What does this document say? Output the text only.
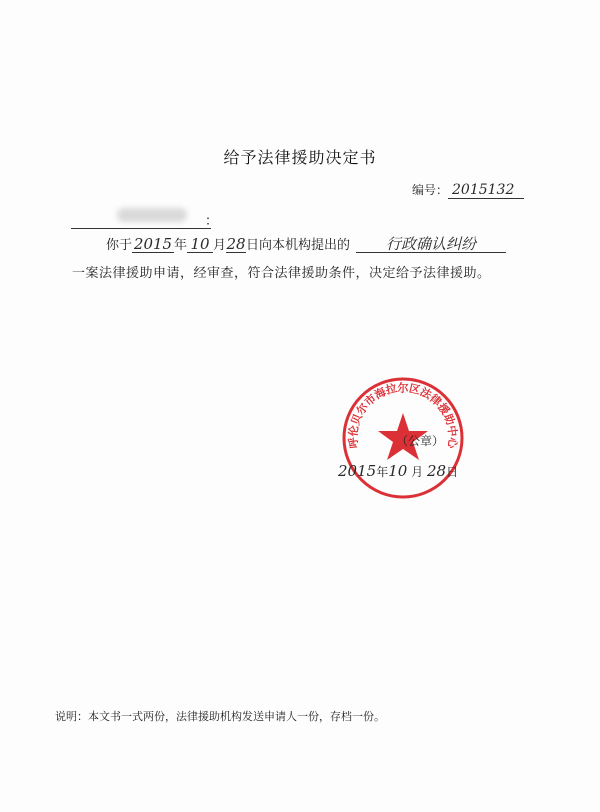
给予法律援助决定书
编号： 2015132
：
你于 2015 年 10 月28日向本机构提出的 行政确认纠纷
一案法律援助申请，经审查，符合法律援助条件，决定给予法律援助。
呼伦贝尔市海拉尔区法律援助中心
（公章）
2015年10 月 28日
说明：本文书一式两份，法律援助机构发送申请人一份，存档一份。
